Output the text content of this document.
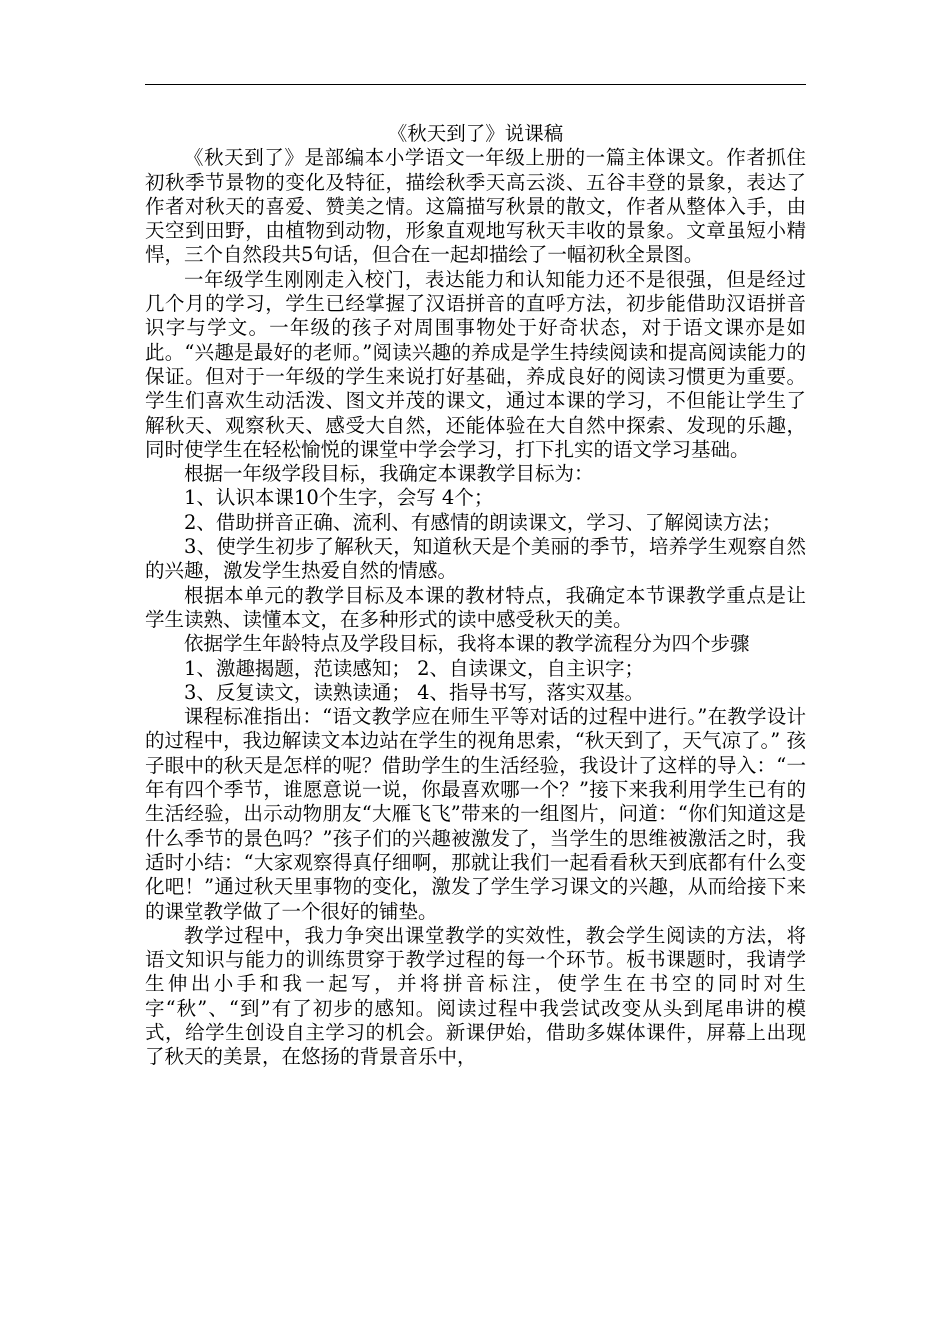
《秋天到了》说课稿

《秋天到了》是部编本小学语文一年级上册的一篇主体课文。作者抓住初秋季节景物的变化及特征，描绘秋季天高云淡、五谷丰登的景象，表达了作者对秋天的喜爱、赞美之情。这篇描写秋景的散文，作者从整体入手，由天空到田野，由植物到动物，形象直观地写秋天丰收的景象。文章虽短小精悍，三个自然段共5句话，但合在一起却描绘了一幅初秋全景图。

一年级学生刚刚走入校门，表达能力和认知能力还不是很强，但是经过几个月的学习，学生已经掌握了汉语拼音的直呼方法，初步能借助汉语拼音识字与学文。一年级的孩子对周围事物处于好奇状态，对于语文课亦是如此。“兴趣是最好的老师。”阅读兴趣的养成是学生持续阅读和提高阅读能力的保证。但对于一年级的学生来说打好基础，养成良好的阅读习惯更为重要。学生们喜欢生动活泼、图文并茂的课文，通过本课的学习，不但能让学生了解秋天、观察秋天、感受大自然，还能体验在大自然中探索、发现的乐趣，同时使学生在轻松愉悦的课堂中学会学习，打下扎实的语文学习基础。

根据一年级学段目标，我确定本课教学目标为：

1、认识本课10个生字，会写 4个；

2、借助拼音正确、流利、有感情的朗读课文，学习、了解阅读方法；

3、使学生初步了解秋天，知道秋天是个美丽的季节，培养学生观察自然的兴趣，激发学生热爱自然的情感。

根据本单元的教学目标及本课的教材特点，我确定本节课教学重点是让学生读熟、读懂本文，在多种形式的读中感受秋天的美。

依据学生年龄特点及学段目标，我将本课的教学流程分为四个步骤

1、激趣揭题，范读感知； 2、自读课文，自主识字；

3、反复读文，读熟读通； 4、指导书写，落实双基。

课程标准指出：“语文教学应在师生平等对话的过程中进行。”在教学设计的过程中，我边解读文本边站在学生的视角思索，“秋天到了，天气凉了。” 孩子眼中的秋天是怎样的呢？借助学生的生活经验，我设计了这样的导入：“一年有四个季节，谁愿意说一说，你最喜欢哪一个？”接下来我利用学生已有的生活经验，出示动物朋友“大雁飞飞”带来的一组图片，问道：“你们知道这是什么季节的景色吗？”孩子们的兴趣被激发了，当学生的思维被激活之时，我适时小结：“大家观察得真仔细啊，那就让我们一起看看秋天到底都有什么变化吧！”通过秋天里事物的变化，激发了学生学习课文的兴趣，从而给接下来的课堂教学做了一个很好的铺垫。

教学过程中，我力争突出课堂教学的实效性，教会学生阅读的方法，将语文知识与能力的训练贯穿于教学过程的每一个环节。板书课题时，我请学生伸出小手和我一起写，并将拼音标注，使学生在书空的同时对生字“秋”、“到”有了初步的感知。阅读过程中我尝试改变从头到尾串讲的模式，给学生创设自主学习的机会。新课伊始，借助多媒体课件，屏幕上出现了秋天的美景，在悠扬的背景音乐中，
